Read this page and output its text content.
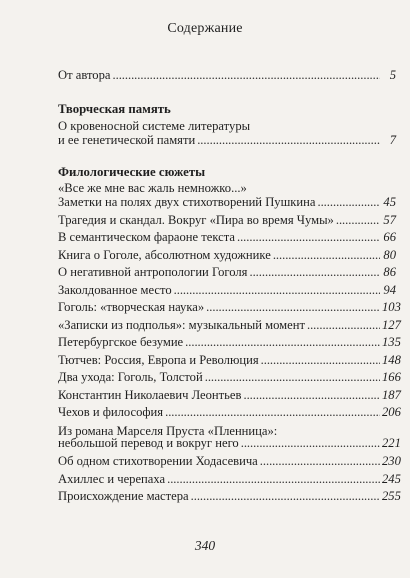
Содержание
От автора . . .	5
Творческая память
О кровеносной системе литературы
и ее генетической памяти . . .	7
Филологические сюжеты
«Все же мне вас жаль немножко...»
Заметки на полях двух стихотворений Пушкина . . .	45
Трагедия и скандал. Вокруг «Пира во время Чумы» . . .	57
В семантическом фараоне текста . . .	66
Книга о Гоголе, абсолютном художнике . . .	80
О негативной антропологии Гоголя . . .	86
Заколдованное место . . .	94
Гоголь: «творческая наука» . . .	103
«Записки из подполья»: музыкальный момент . . .	127
Петербургское безумие . . .	135
Тютчев: Россия, Европа и Революция . . .	148
Два ухода: Гоголь, Толстой . . .	166
Константин Николаевич Леонтьев . . .	187
Чехов и философия . . .	206
Из романа Марселя Пруста «Пленница»:
небольшой перевод и вокруг него . . .	221
Об одном стихотворении Ходасевича . . .	230
Ахиллес и черепаха . . .	245
Происхождение мастера . . .	255
340
